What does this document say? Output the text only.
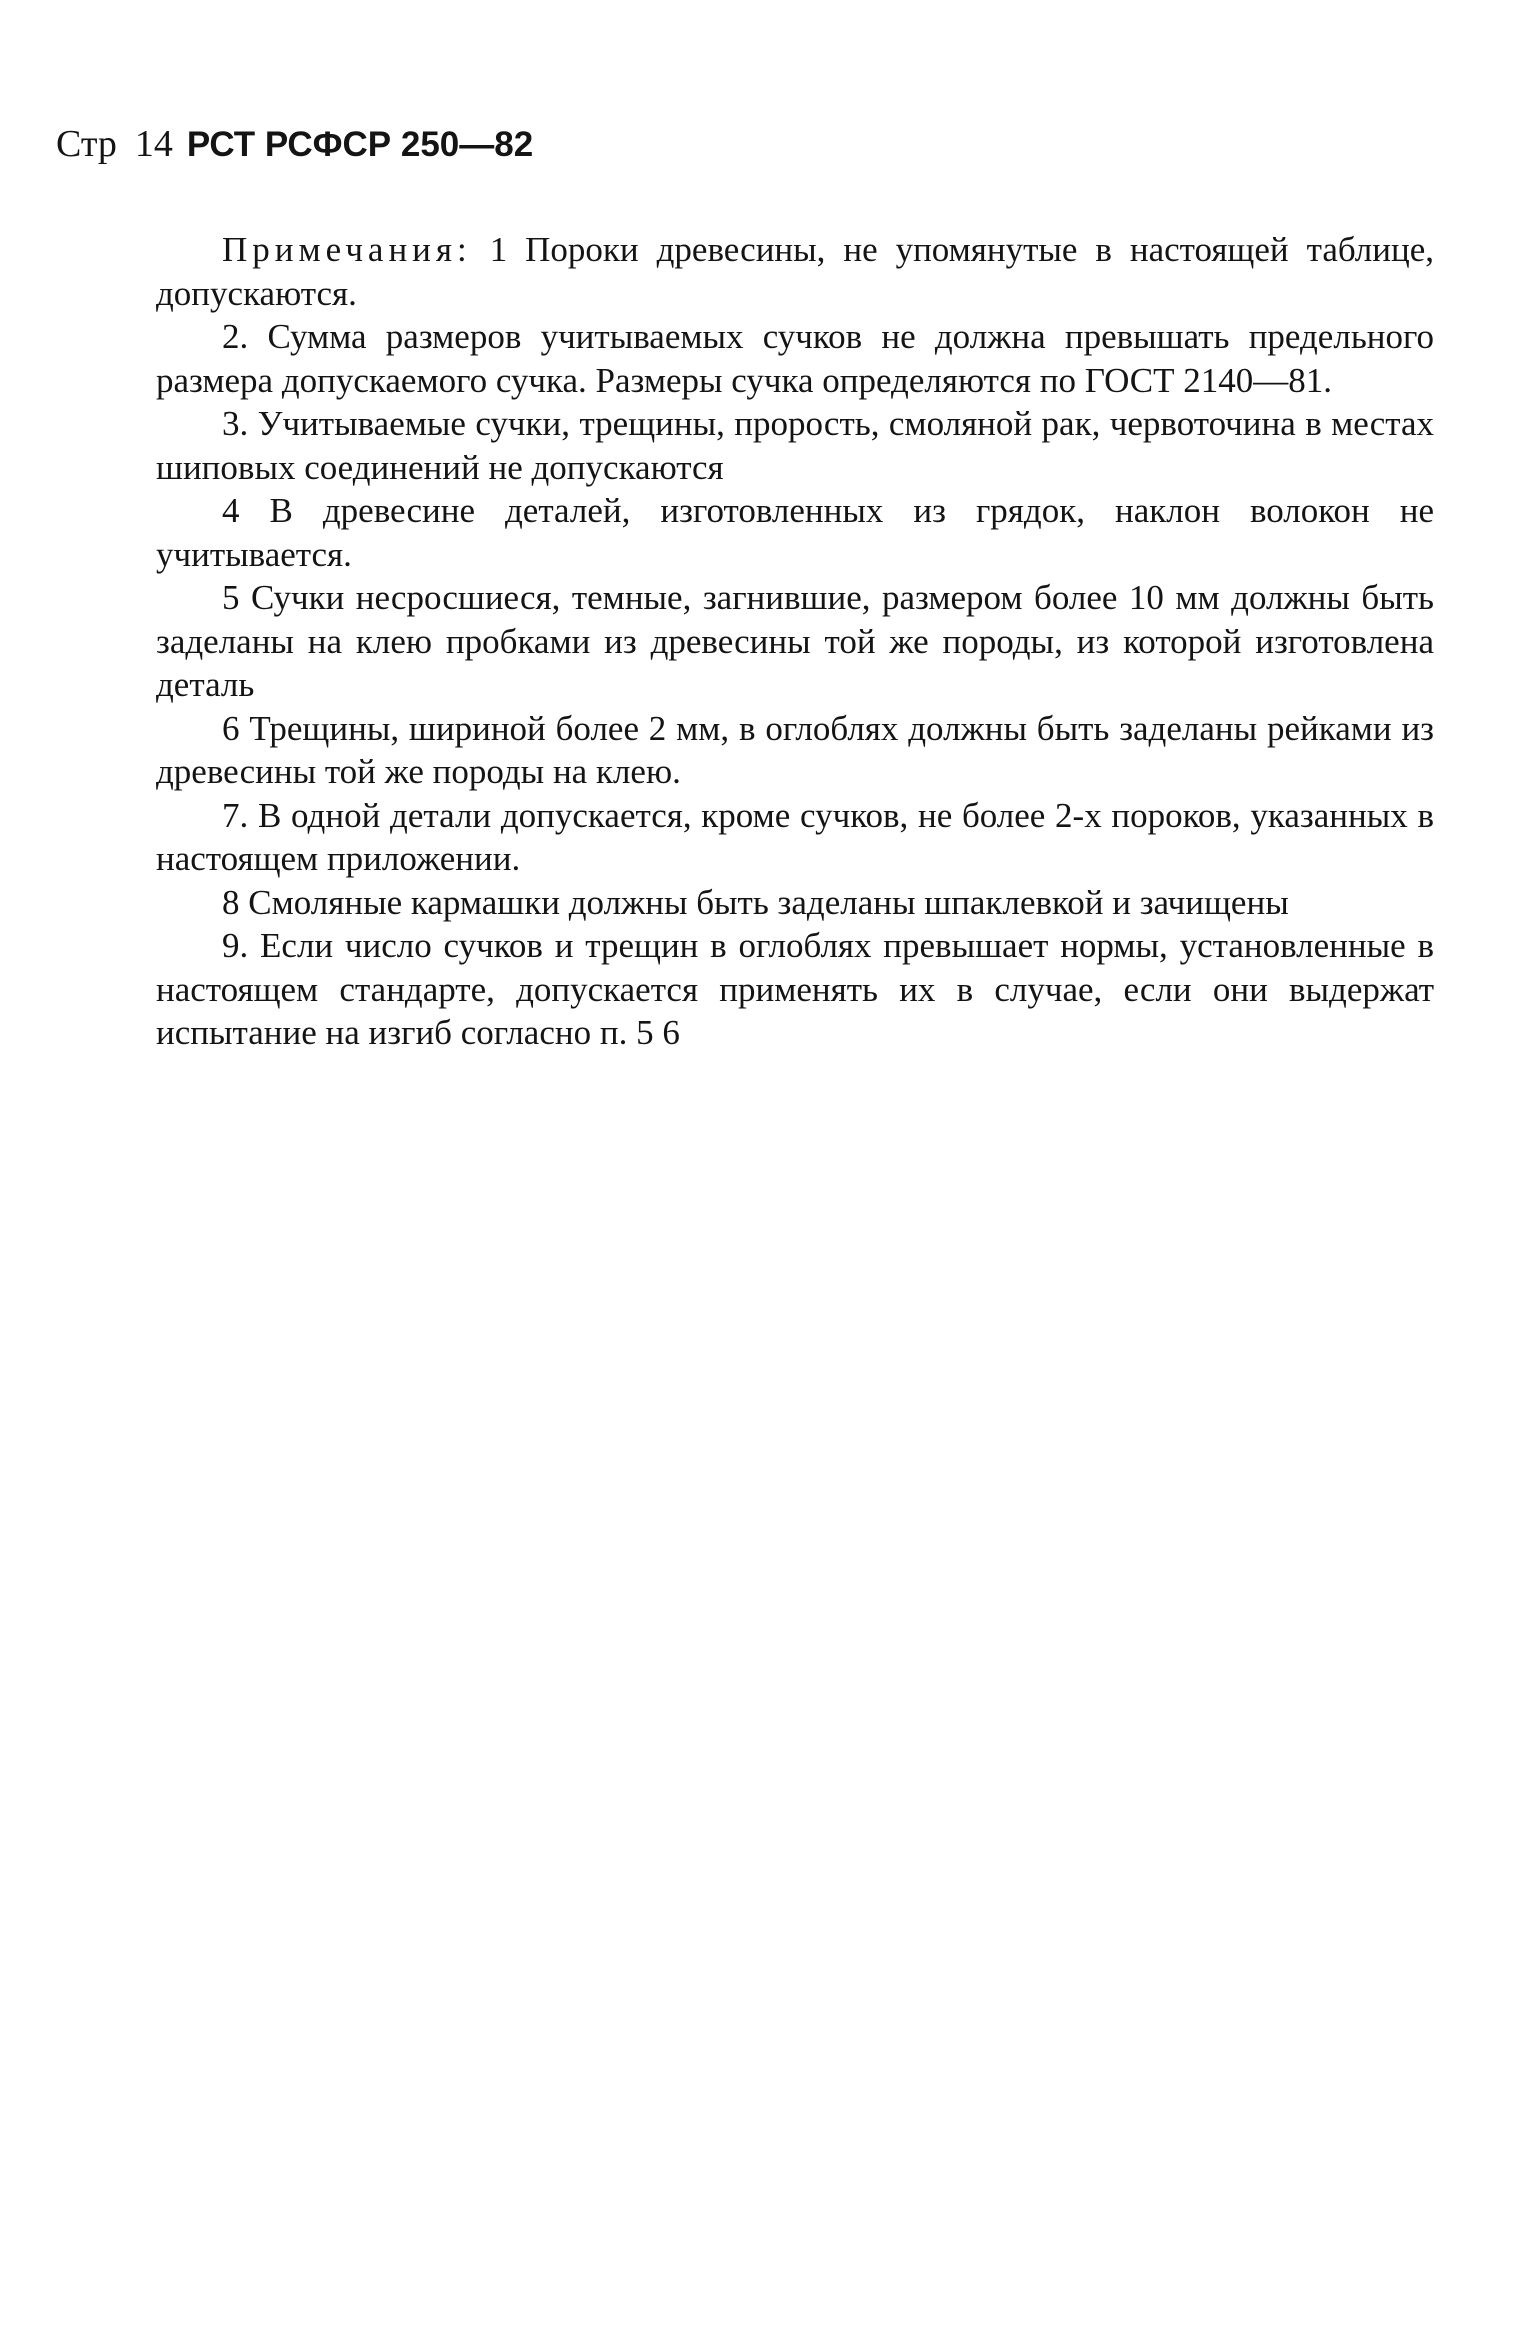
Стр 14 РСТ РСФСР 250—82

Примечания: 1 Пороки древесины, не упомянутые в настоящей таблице, допускаются.

2. Сумма размеров учитываемых сучков не должна превышать предельного размера допускаемого сучка. Размеры сучка определяются по ГОСТ 2140—81.

3. Учитываемые сучки, трещины, прорость, смоляной рак, червоточина в местах шиповых соединений не допускаются

4 В древесине деталей, изготовленных из грядок, наклон волокон не учитывается.

5 Сучки несросшиеся, темные, загнившие, размером более 10 мм должны быть заделаны на клею пробками из древесины той же породы, из которой изготовлена деталь

6 Трещины, шириной более 2 мм, в оглоблях должны быть заделаны рейками из древесины той же породы на клею.

7. В одной детали допускается, кроме сучков, не более 2-х пороков, указанных в настоящем приложении.

8 Смоляные кармашки должны быть заделаны шпаклевкой и зачищены

9. Если число сучков и трещин в оглоблях превышает нормы, установленные в настоящем стандарте, допускается применять их в случае, если они выдержат испытание на изгиб согласно п. 5 6
